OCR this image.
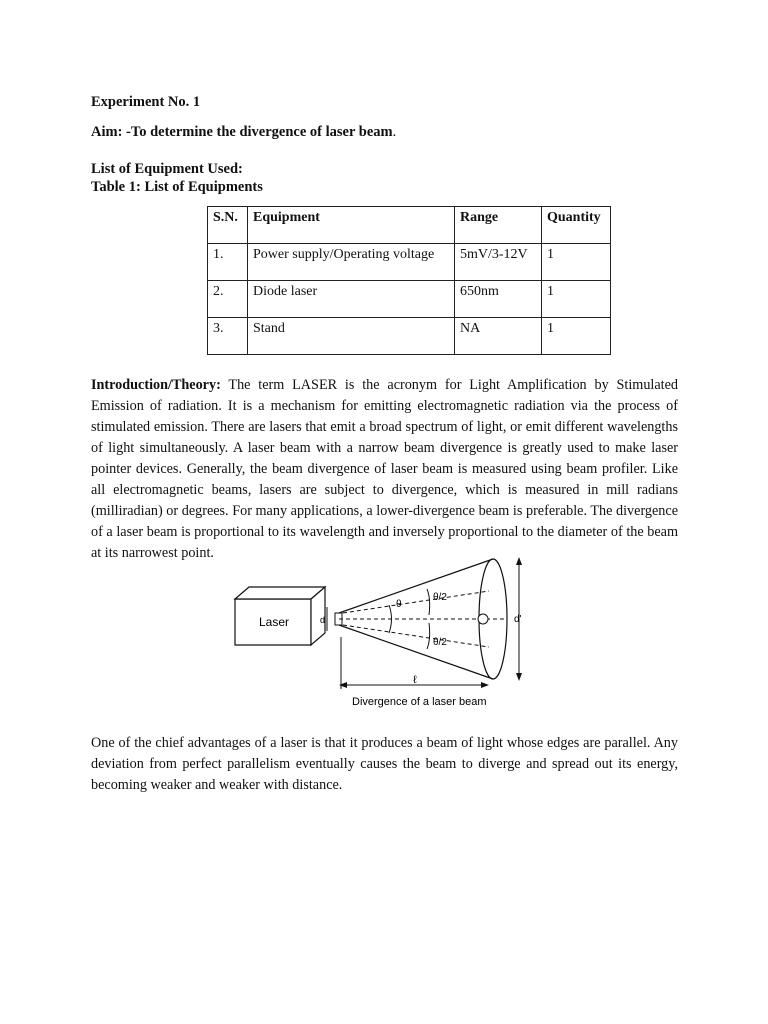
Experiment No. 1
Aim: -To determine the divergence of laser beam.
List of Equipment Used:
Table 1: List of Equipments
S.N.	Equipment	Range	Quantity
1.	Power supply/Operating voltage	5mV/3-12V	1
2.	Diode laser	650nm	1
3.	Stand	NA	1

Introduction/Theory: The term LASER is the acronym for Light Amplification by Stimulated Emission of radiation. It is a mechanism for emitting electromagnetic radiation via the process of stimulated emission. There are lasers that emit a broad spectrum of light, or emit different wavelengths of light simultaneously. A laser beam with a narrow beam divergence is greatly used to make laser pointer devices. Generally, the beam divergence of laser beam is measured using beam profiler. Like all electromagnetic beams, lasers are subject to divergence, which is measured in mill radians (milliradian) or degrees. For many applications, a lower-divergence beam is preferable. The divergence of a laser beam is proportional to its wavelength and inversely proportional to the diameter of the beam at its narrowest point.

Laser	d
θ
θ/2
θ/2
d'
ℓ
Divergence of a laser beam

One of the chief advantages of a laser is that it produces a beam of light whose edges are parallel. Any deviation from perfect parallelism eventually causes the beam to diverge and spread out its energy, becoming weaker and weaker with distance.
